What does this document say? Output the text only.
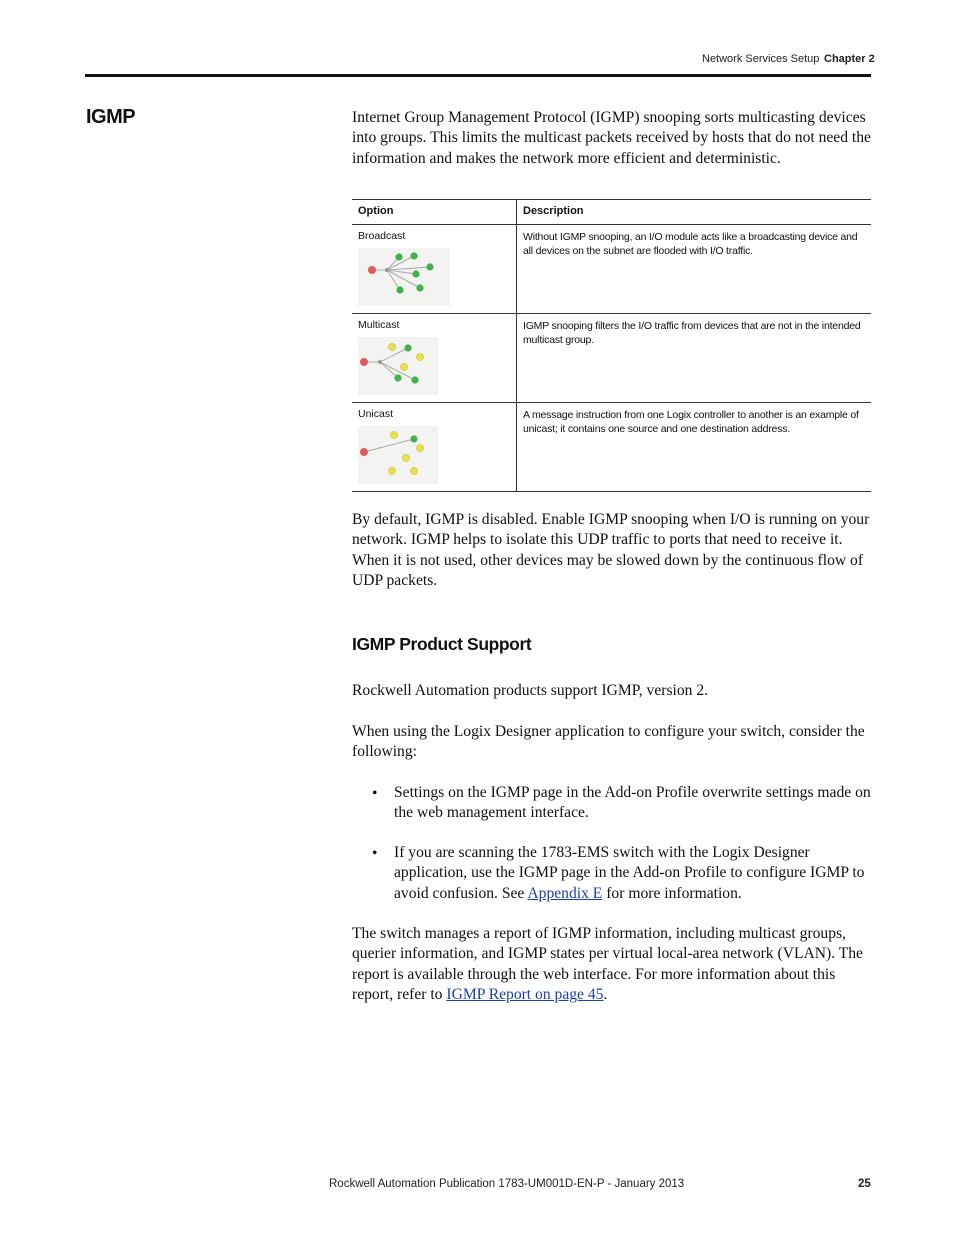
Network Services Setup Chapter 2
IGMP	Internet Group Management Protocol (IGMP) snooping sorts multicasting devices into groups. This limits the multicast packets received by hosts that do not need the information and makes the network more efficient and deterministic.
Option	Description

Broadcast	Without IGMP snooping, an I/O module acts like a broadcasting device and all devices on the subnet are flooded with I/O traffic.

Multicast	IGMP snooping filters the I/O traffic from devices that are not in the intended multicast group.

Unicast	A message instruction from one Logix controller to another is an example of unicast; it contains one source and one destination address.
By default, IGMP is disabled. Enable IGMP snooping when I/O is running on your network. IGMP helps to isolate this UDP traffic to ports that need to receive it. When it is not used, other devices may be slowed down by the continuous flow of UDP packets.
IGMP Product Support
Rockwell Automation products support IGMP, version 2.
When using the Logix Designer application to configure your switch, consider the following:
• Settings on the IGMP page in the Add-on Profile overwrite settings made on the web management interface.
• If you are scanning the 1783-EMS switch with the Logix Designer application, use the IGMP page in the Add-on Profile to configure IGMP to avoid confusion. See Appendix E for more information.
The switch manages a report of IGMP information, including multicast groups, querier information, and IGMP states per virtual local-area network (VLAN). The report is available through the web interface. For more information about this report, refer to IGMP Report on page 45.
Rockwell Automation Publication 1783-UM001D-EN-P - January 2013	25
